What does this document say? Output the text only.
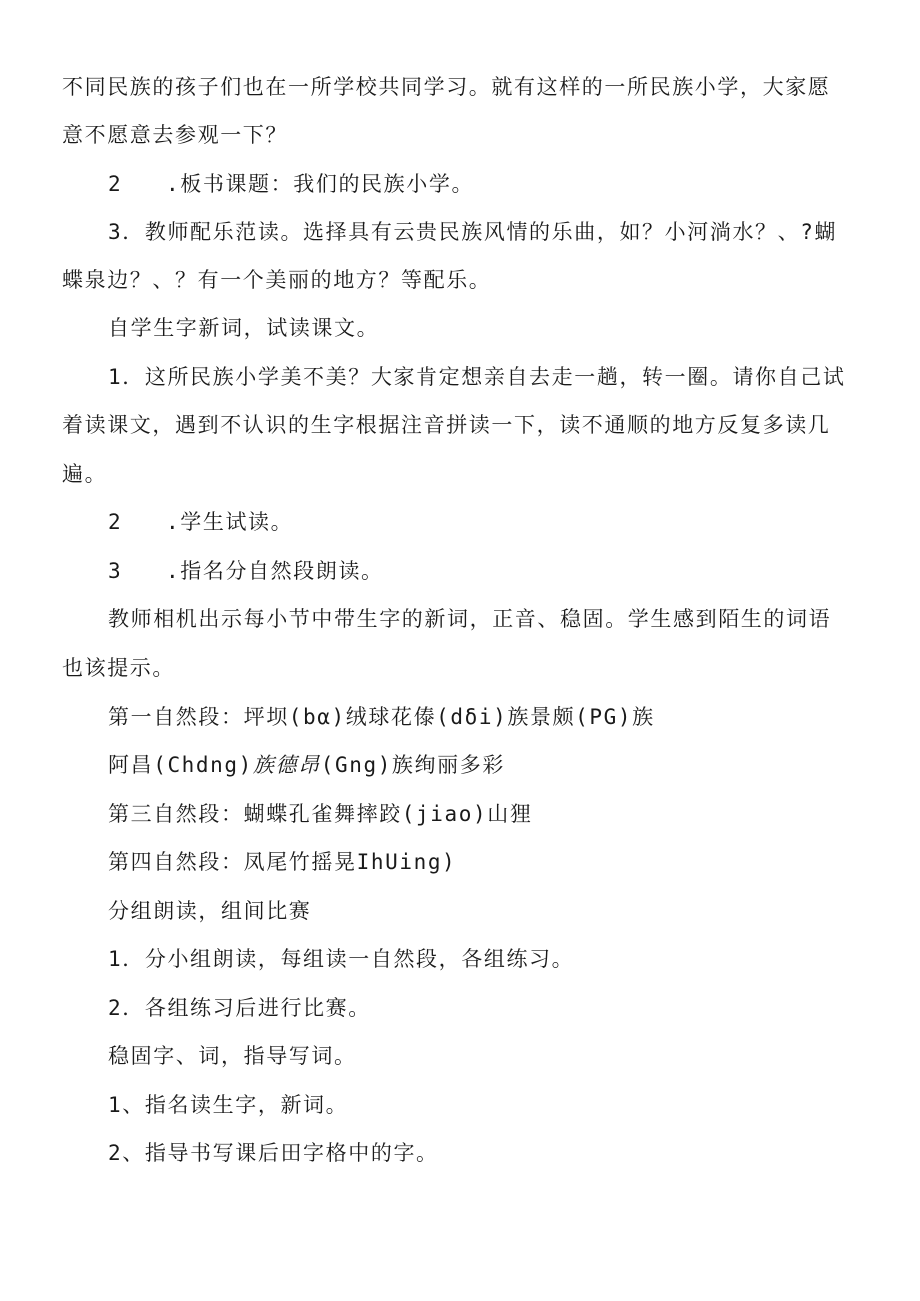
不同民族的孩子们也在一所学校共同学习。就有这样的一所民族小学，大家愿
意不愿意去参观一下？
2 .板书课题：我们的民族小学。
3．教师配乐范读。选择具有云贵民族风情的乐曲，如？小河淌水？、?蝴
蝶泉边？、？有一个美丽的地方？等配乐。
自学生字新词，试读课文。
1．这所民族小学美不美？大家肯定想亲自去走一趟，转一圈。请你自己试
着读课文，遇到不认识的生字根据注音拼读一下，读不通顺的地方反复多读几
遍。
2 .学生试读。
3 .指名分自然段朗读。
教师相机出示每小节中带生字的新词，正音、稳固。学生感到陌生的词语
也该提示。
第一自然段：坪坝(bα)绒球花傣(dδi)族景颇(PG)族
阿昌(Chdng)族德昂(Gng)族绚丽多彩
第三自然段：蝴蝶孔雀舞摔跤(jiao)山狸
第四自然段：凤尾竹摇晃IhUing)
分组朗读，组间比赛
1．分小组朗读，每组读一自然段，各组练习。
2．各组练习后进行比赛。
稳固字、词，指导写词。
1、指名读生字，新词。
2、指导书写课后田字格中的字。
